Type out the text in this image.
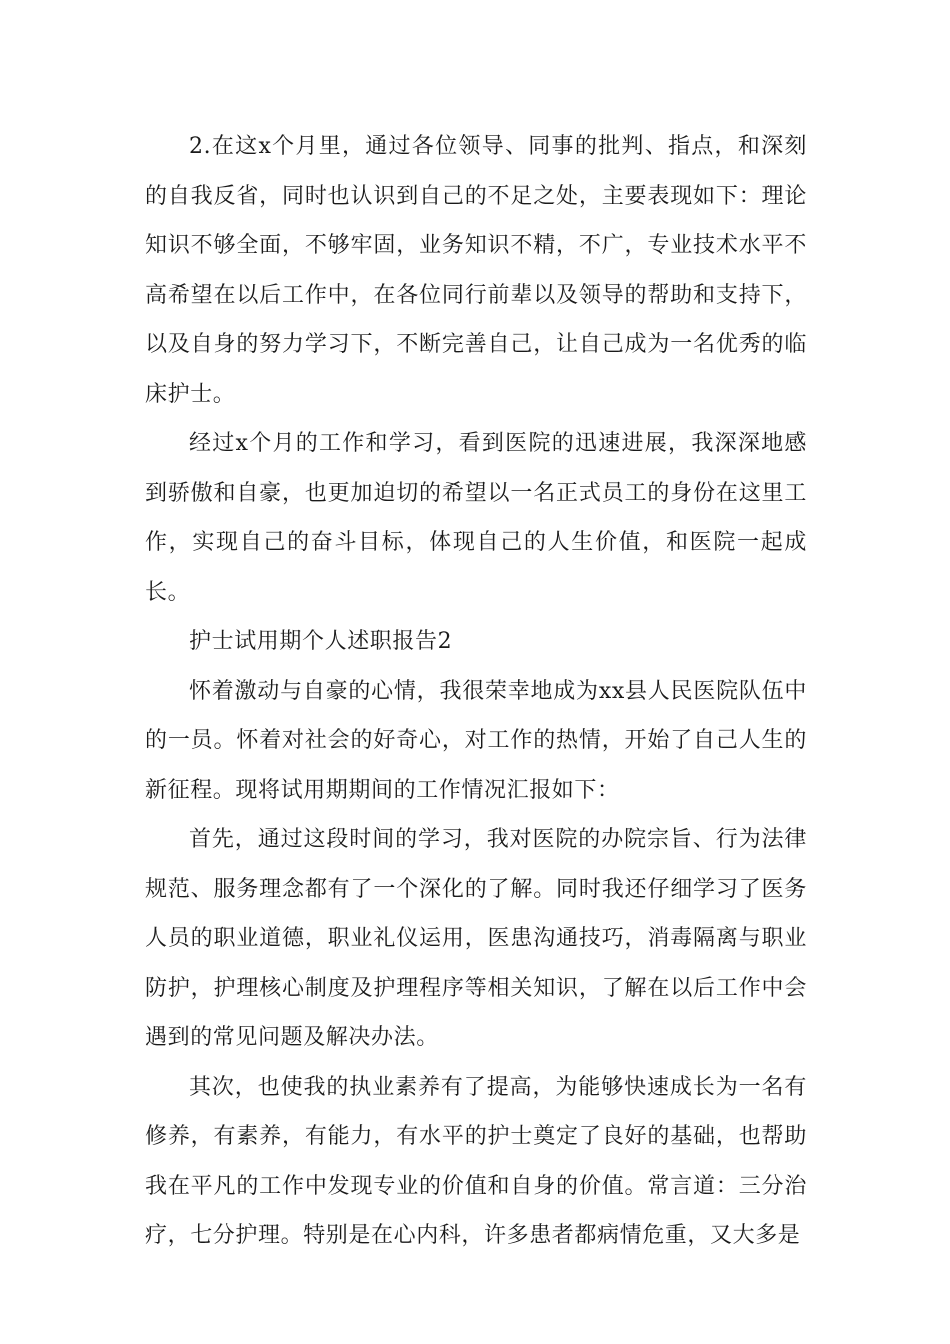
2.在这x个月里，通过各位领导、同事的批判、指点，和深刻的自我反省，同时也认识到自己的不足之处，主要表现如下：理论知识不够全面，不够牢固，业务知识不精，不广，专业技术水平不高希望在以后工作中，在各位同行前辈以及领导的帮助和支持下，以及自身的努力学习下，不断完善自己，让自己成为一名优秀的临床护士。

经过x个月的工作和学习，看到医院的迅速进展，我深深地感到骄傲和自豪，也更加迫切的希望以一名正式员工的身份在这里工作，实现自己的奋斗目标，体现自己的人生价值，和医院一起成长。

护士试用期个人述职报告2

怀着激动与自豪的心情，我很荣幸地成为xx县人民医院队伍中的一员。怀着对社会的好奇心，对工作的热情，开始了自己人生的新征程。现将试用期期间的工作情况汇报如下：

首先，通过这段时间的学习，我对医院的办院宗旨、行为法律规范、服务理念都有了一个深化的了解。同时我还仔细学习了医务人员的职业道德，职业礼仪运用，医患沟通技巧，消毒隔离与职业防护，护理核心制度及护理程序等相关知识，了解在以后工作中会遇到的常见问题及解决办法。

其次，也使我的执业素养有了提高，为能够快速成长为一名有修养，有素养，有能力，有水平的护士奠定了良好的基础，也帮助我在平凡的工作中发现专业的价值和自身的价值。常言道：三分治疗，七分护理。特别是在心内科，许多患者都病情危重，又大多是
